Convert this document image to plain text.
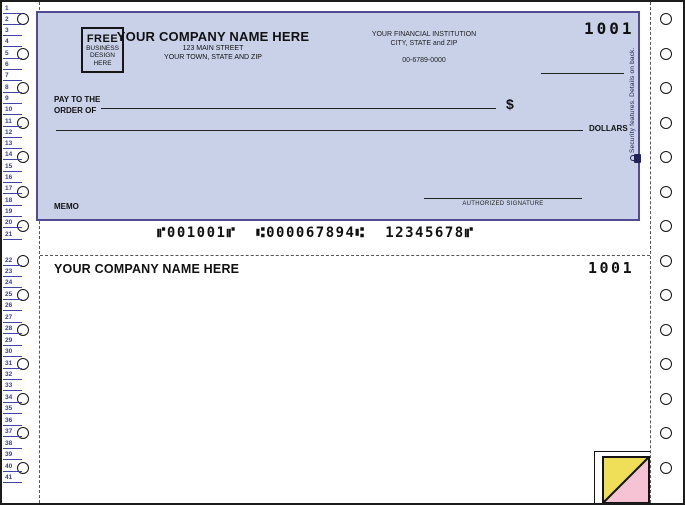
1
2
3
4
5
6
7
8
9
10
11
12
13
14
15
16
17
18
19
20
21
22
23
24
25
26
27
28
29
30
31
32
33
34
35
36
37
38
39
40
41
FREE
BUSINESS
DESIGN
HERE
YOUR COMPANY NAME HERE
123 MAIN STREET
YOUR TOWN, STATE AND ZIP
YOUR FINANCIAL INSTITUTION
CITY, STATE and ZIP
00-6789-0000
1001
PAY TO THE
ORDER OF	$
DOLLARS
MEMO	AUTHORIZED SIGNATURE
Security features. Details on back.
⑈001001⑈  ⑆000067894⑆  12345678⑈
YOUR COMPANY NAME HERE	1001
